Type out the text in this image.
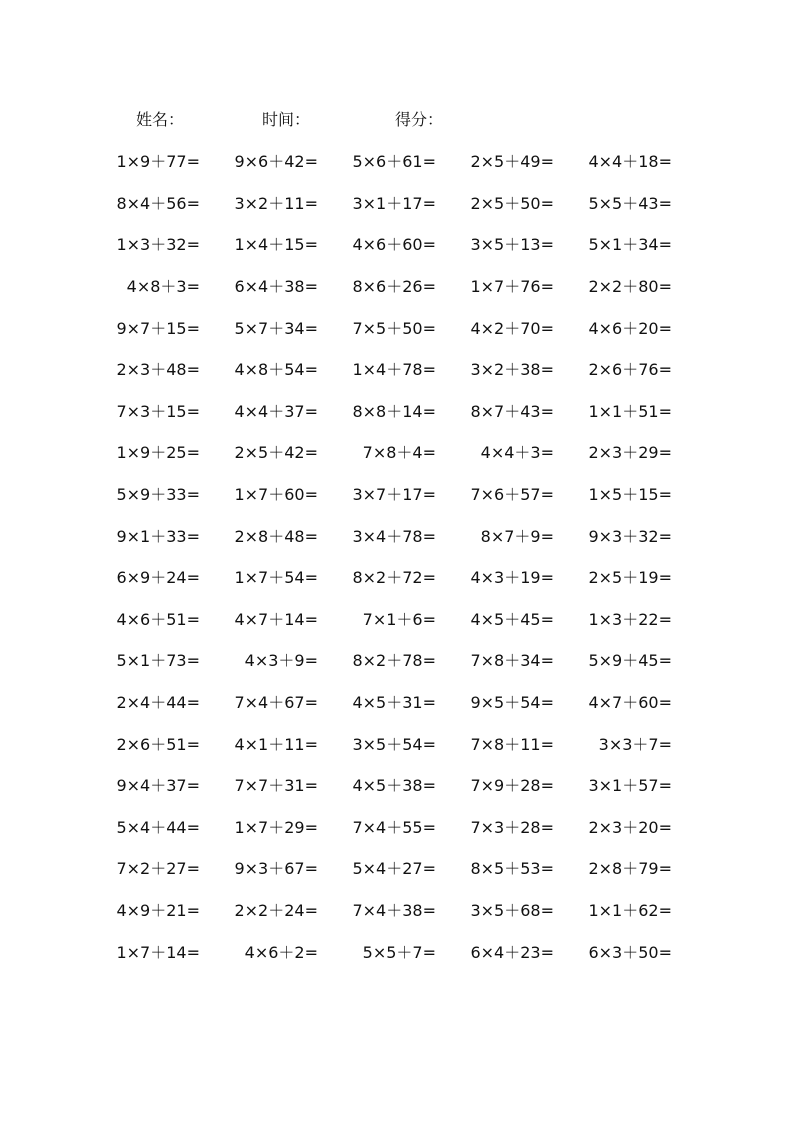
姓名：	时间：	得分：
1×9＋77=	9×6＋42=	5×6＋61=	2×5＋49=	4×4＋18=
8×4＋56=	3×2＋11=	3×1＋17=	2×5＋50=	5×5＋43=
1×3＋32=	1×4＋15=	4×6＋60=	3×5＋13=	5×1＋34=
4×8＋3=	6×4＋38=	8×6＋26=	1×7＋76=	2×2＋80=
9×7＋15=	5×7＋34=	7×5＋50=	4×2＋70=	4×6＋20=
2×3＋48=	4×8＋54=	1×4＋78=	3×2＋38=	2×6＋76=
7×3＋15=	4×4＋37=	8×8＋14=	8×7＋43=	1×1＋51=
1×9＋25=	2×5＋42=	7×8＋4=	4×4＋3=	2×3＋29=
5×9＋33=	1×7＋60=	3×7＋17=	7×6＋57=	1×5＋15=
9×1＋33=	2×8＋48=	3×4＋78=	8×7＋9=	9×3＋32=
6×9＋24=	1×7＋54=	8×2＋72=	4×3＋19=	2×5＋19=
4×6＋51=	4×7＋14=	7×1＋6=	4×5＋45=	1×3＋22=
5×1＋73=	4×3＋9=	8×2＋78=	7×8＋34=	5×9＋45=
2×4＋44=	7×4＋67=	4×5＋31=	9×5＋54=	4×7＋60=
2×6＋51=	4×1＋11=	3×5＋54=	7×8＋11=	3×3＋7=
9×4＋37=	7×7＋31=	4×5＋38=	7×9＋28=	3×1＋57=
5×4＋44=	1×7＋29=	7×4＋55=	7×3＋28=	2×3＋20=
7×2＋27=	9×3＋67=	5×4＋27=	8×5＋53=	2×8＋79=
4×9＋21=	2×2＋24=	7×4＋38=	3×5＋68=	1×1＋62=
1×7＋14=	4×6＋2=	5×5＋7=	6×4＋23=	6×3＋50=
